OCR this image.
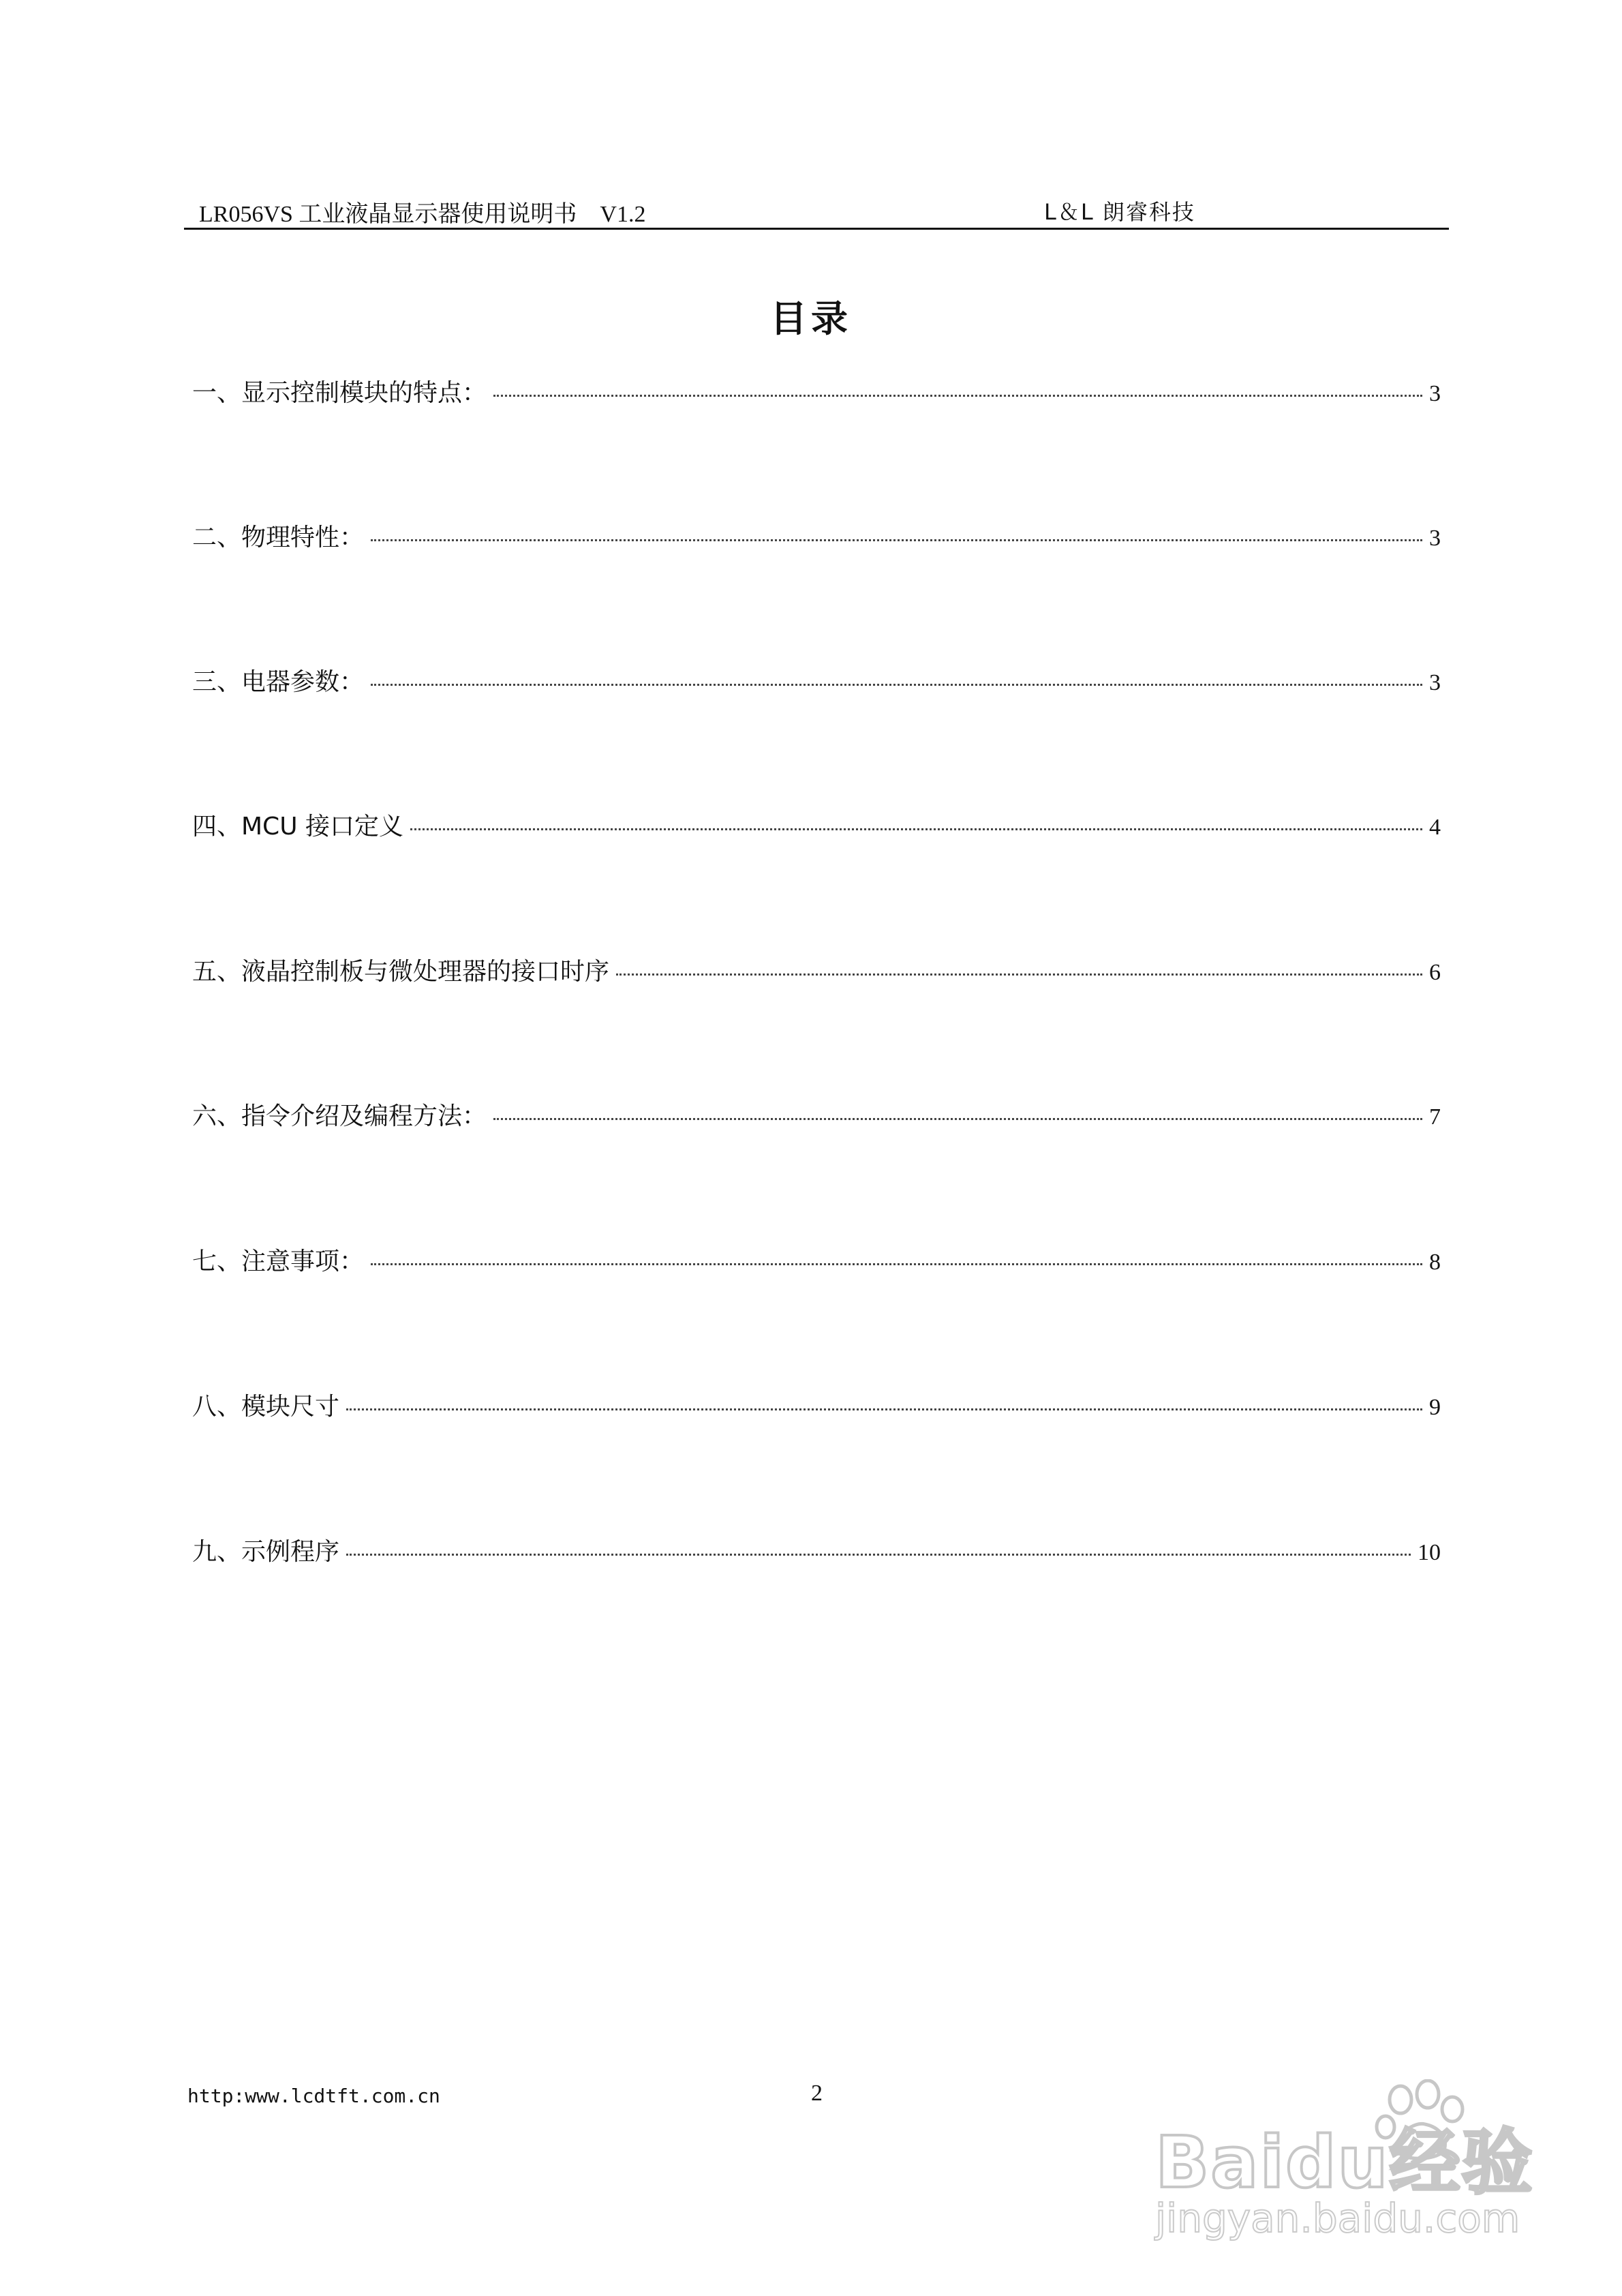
LR056VS 工业液晶显示器使用说明书    V1.2	L＆L 朗睿科技
目录
一、显示控制模块的特点：	3
二、物理特性：	3
三、电器参数：	3
四、MCU 接口定义	4
五、液晶控制板与微处理器的接口时序	6
六、指令介绍及编程方法：	7
七、注意事项：	8
八、模块尺寸	9
九、示例程序	10
http:www.lcdtft.com.cn	2
Baidu经验
jingyan.baidu.com
